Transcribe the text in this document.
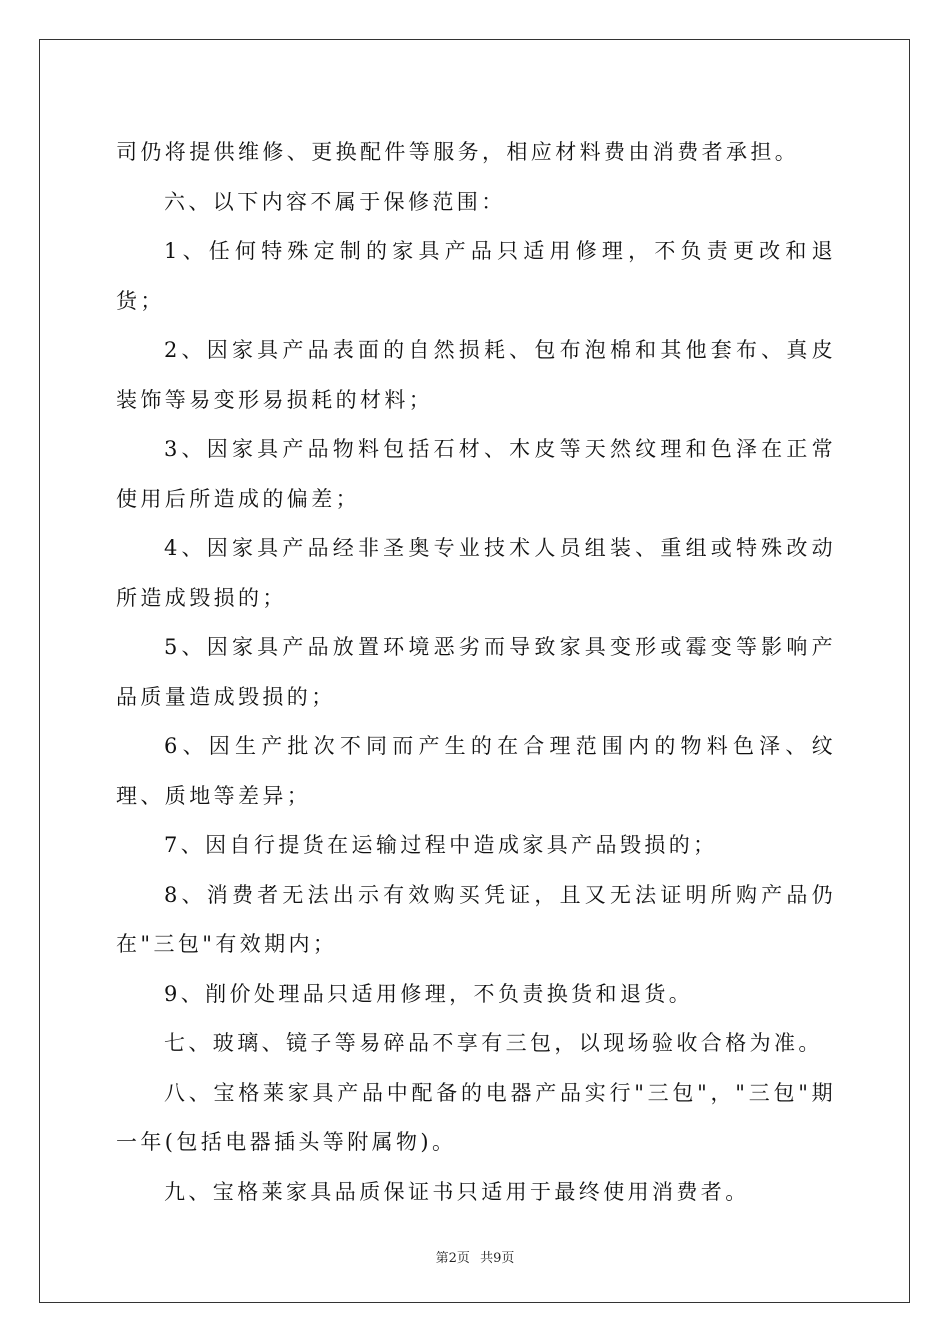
司仍将提供维修、更换配件等服务，相应材料费由消费者承担。

六、以下内容不属于保修范围：

1、任何特殊定制的家具产品只适用修理，不负责更改和退货；

2、因家具产品表面的自然损耗、包布泡棉和其他套布、真皮装饰等易变形易损耗的材料；

3、因家具产品物料包括石材、木皮等天然纹理和色泽在正常使用后所造成的偏差；

4、因家具产品经非圣奥专业技术人员组装、重组或特殊改动所造成毁损的；

5、因家具产品放置环境恶劣而导致家具变形或霉变等影响产品质量造成毁损的；

6、因生产批次不同而产生的在合理范围内的物料色泽、纹理、质地等差异；

7、因自行提货在运输过程中造成家具产品毁损的；

8、消费者无法出示有效购买凭证，且又无法证明所购产品仍在"三包"有效期内；

9、削价处理品只适用修理，不负责换货和退货。

七、玻璃、镜子等易碎品不享有三包，以现场验收合格为准。

八、宝格莱家具产品中配备的电器产品实行"三包"，"三包"期一年(包括电器插头等附属物)。

九、宝格莱家具品质保证书只适用于最终使用消费者。

第2页 共9页
